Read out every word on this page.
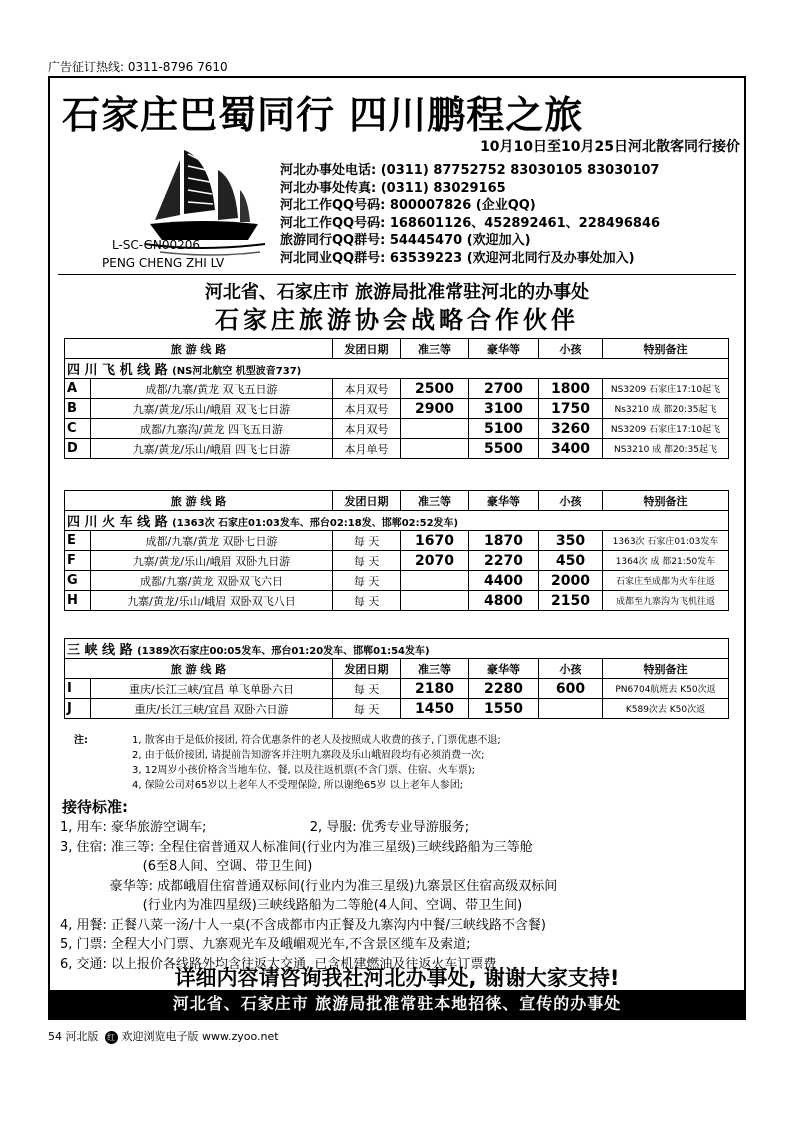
广告征订热线: 0311-8796 7610
石家庄巴蜀同行 四川鹏程之旅
10月10日至10月25日河北散客同行接价
L-SC-GN00206
PENG CHENG ZHI LV
河北办事处电话: (0311) 87752752 83030105 83030107
河北办事处传真: (0311) 83029165
河北工作QQ号码: 800007826 (企业QQ)
河北工作QQ号码: 168601126、452892461、228496846
旅游同行QQ群号: 54445470 (欢迎加入)
河北同业QQ群号: 63539223 (欢迎河北同行及办事处加入)
河北省、石家庄市 旅游局批准常驻河北的办事处
石家庄旅游协会战略合作伙伴
旅 游 线 路		发团日期	准三等	豪华等	小孩	特别备注
四 川 飞 机 线 路 (NS河北航空 机型波音737)						
A	成都/九寨/黄龙 双飞五日游	本月双号	2500	2700	1800	NS3209 石家庄17:10起飞
B	九寨/黄龙/乐山/峨眉 双飞七日游	本月双号	2900	3100	1750	Ns3210 成 都20:35起飞
C	成都/九寨沟/黄龙 四飞五日游	本月双号		5100	3260	NS3209 石家庄17:10起飞
D	九寨/黄龙/乐山/峨眉 四飞七日游	本月单号		5500	3400	NS3210 成 都20:35起飞
旅 游 线 路		发团日期	准三等	豪华等	小孩	特别备注
四 川 火 车 线 路 (1363次 石家庄01:03发车、邢台02:18发、邯郸02:52发车)						
E	成都/九寨/黄龙 双卧七日游	每 天	1670	1870	350	1363次 石家庄01:03发车
F	九寨/黄龙/乐山/峨眉 双卧九日游	每 天	2070	2270	450	1364次 成 都21:50发车
G	成都/九寨/黄龙 双卧双飞六日	每 天		4400	2000	石家庄至成都为火车往返
H	九寨/黄龙/乐山/峨眉 双卧双飞八日	每 天		4800	2150	成都至九寨沟为飞机往返
三 峡 线 路 (1389次石家庄00:05发车、邢台01:20发车、邯郸01:54发车)						
旅 游 线 路		发团日期	准三等	豪华等	小孩	特别备注
I	重庆/长江三峡/宜昌 单飞单卧六日	每 天	2180	2280	600	PN6704航班去 K50次返
J	重庆/长江三峡/宜昌 双卧六日游	每 天	1450	1550		K589次去 K50次返
注:	1, 散客由于是低价接团, 符合优惠条件的老人及按照成人收费的孩子, 门票优惠不退;
2, 由于低价接团, 请提前告知游客并注明九寨段及乐山峨眉段均有必须消费一次;
3, 12周岁小孩价格含当地车位、餐, 以及往返机票(不含门票、住宿、火车票);
4, 保险公司对65岁以上老年人不受理保险, 所以谢绝65岁 以上老年人参团;
接待标准:
1, 用车: 豪华旅游空调车;                         2, 导服: 优秀专业导游服务;
3, 住宿: 准三等: 全程住宿普通双人标准间(行业内为准三星级)三峡线路船为三等舱
(6至8人间、空调、带卫生间)
豪华等: 成都峨眉住宿普通双标间(行业内为准三星级)九寨景区住宿高级双标间
(行业内为准四星级)三峡线路船为二等舱(4人间、空调、带卫生间)
4, 用餐: 正餐八菜一汤/十人一桌(不含成都市内正餐及九寨沟内中餐/三峡线路不含餐)
5, 门票: 全程大小门票、九寨观光车及峨嵋观光车,不含景区缆车及索道;
6, 交通: 以上报价各线路外均含往返大交通, 已含机建燃油及往返火车订票费
详细内容请咨询我社河北办事处, 谢谢大家支持!
河北省、石家庄市 旅游局批准常驻本地招徕、宣传的办事处
54 河北版 红 欢迎浏览电子版 www.zyoo.net
